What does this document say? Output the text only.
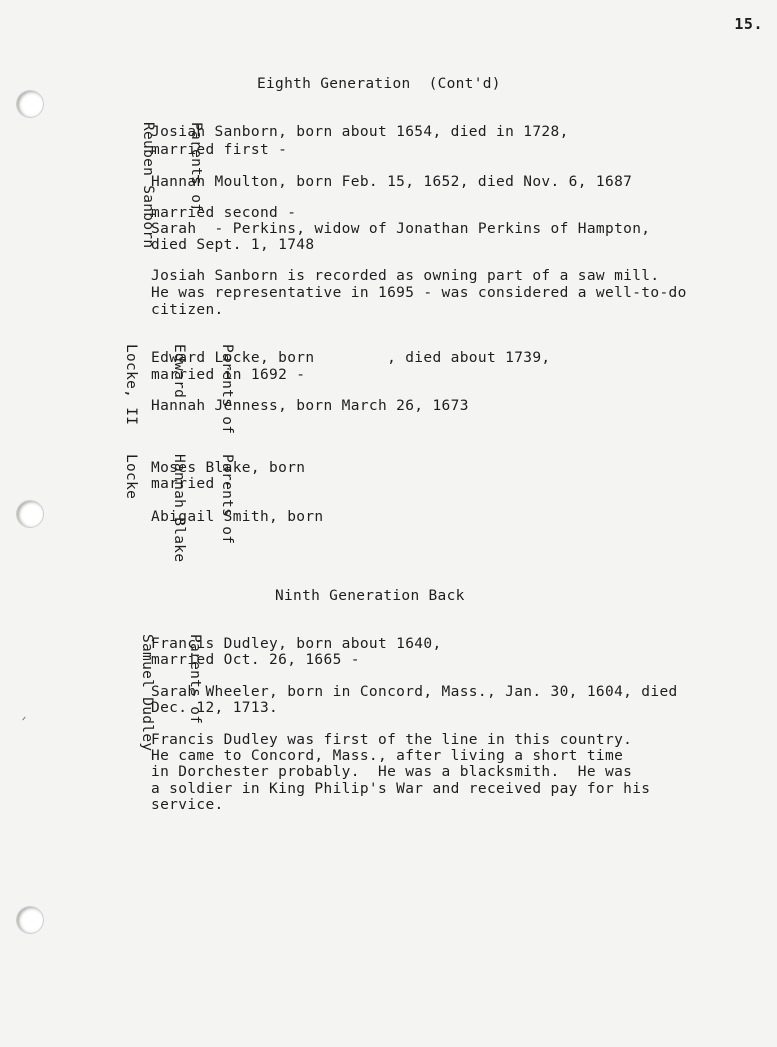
15.
Eighth Generation  (Cont'd)

Parents of

Reuben Sanborn

Josiah Sanborn, born about 1654, died in 1728,
married first -
Hannah Moulton, born Feb. 15, 1652, died Nov. 6, 1687
married second -
Sarah  - Perkins, widow of Jonathan Perkins of Hampton,
died Sept. 1, 1748
Josiah Sanborn is recorded as owning part of a saw mill.
He was representative in 1695 - was considered a well-to-do
citizen.

Parents of

Edward

Locke, II

Edward Locke, born        , died about 1739,
married in 1692 -
Hannah Jenness, born March 26, 1673

Parents of

Hannah Blake

Locke

Moses Blake, born
married -
Abigail Smith, born
Ninth Generation Back

Parents of

Samuel Dudley

Francis Dudley, born about 1640,
married Oct. 26, 1665 -
Sarah Wheeler, born in Concord, Mass., Jan. 30, 1604, died
Dec. 12, 1713.
Francis Dudley was first of the line in this country.
He came to Concord, Mass., after living a short time
in Dorchester probably.  He was a blacksmith.  He was
a soldier in King Philip's War and received pay for his
service.
